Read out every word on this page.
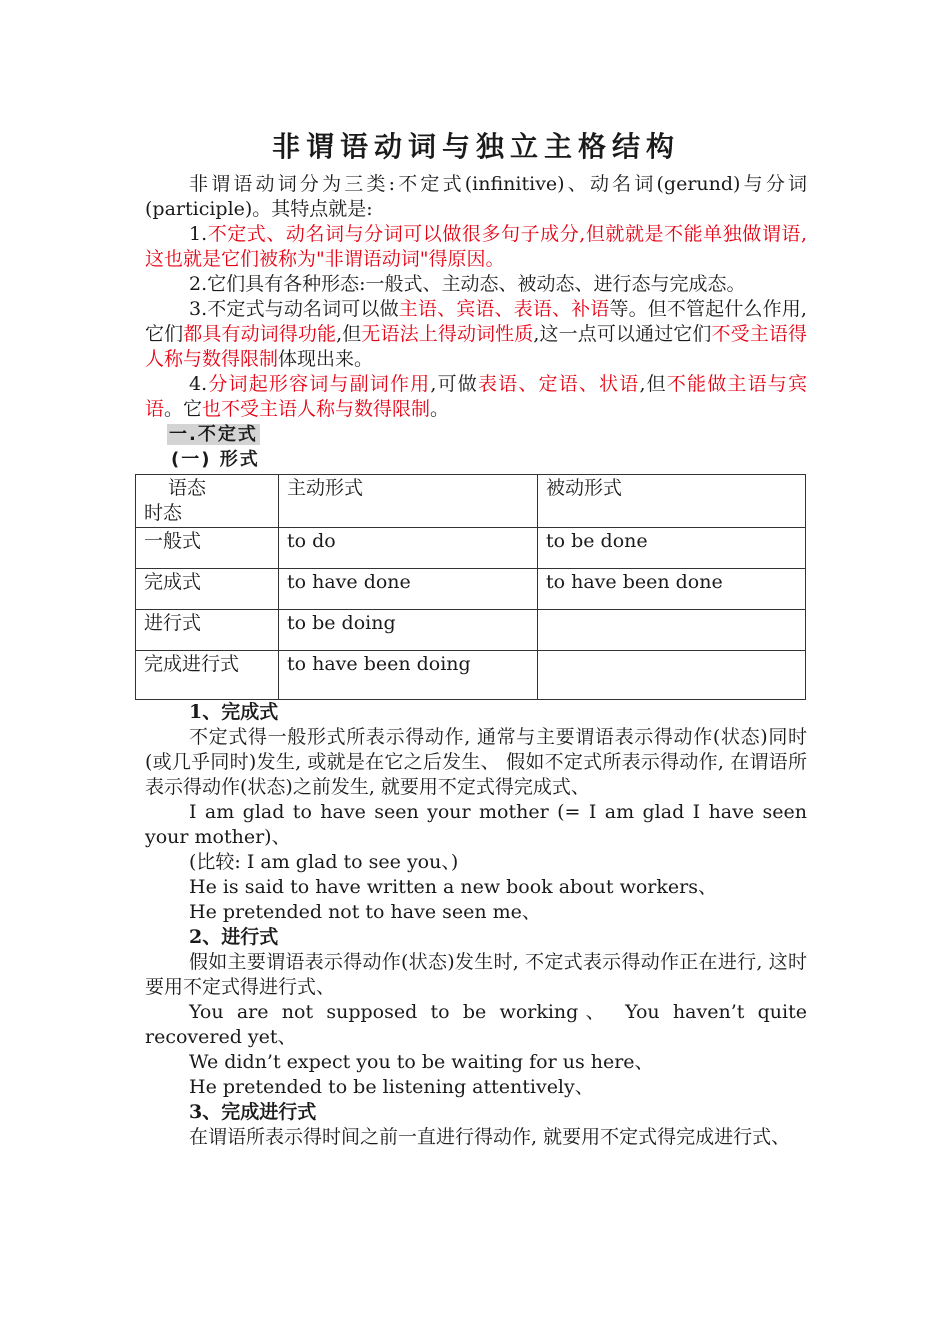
非谓语动词与独立主格结构

非谓语动词分为三类:不定式(infinitive)、动名词(gerund)与分词(participle)。其特点就是:

1.不定式、动名词与分词可以做很多句子成分,但就就是不能单独做谓语,这也就是它们被称为"非谓语动词"得原因。

2.它们具有各种形态:一般式、主动态、被动态、进行态与完成态。

3.不定式与动名词可以做主语、宾语、表语、补语等。但不管起什么作用,它们都具有动词得功能,但无语法上得动词性质,这一点可以通过它们不受主语得人称与数得限制体现出来。

4.分词起形容词与副词作用,可做表语、定语、状语,但不能做主语与宾语。它也不受主语人称与数得限制。

一.不定式
(一) 形式
语态
时态	主动形式	被动形式
一般式	to do	to be done
完成式	to have done	to have been done
进行式	to be doing	
完成进行式	to have been doing	

1、完成式

不定式得一般形式所表示得动作, 通常与主要谓语表示得动作(状态)同时(或几乎同时)发生, 或就是在它之后发生、 假如不定式所表示得动作, 在谓语所表示得动作(状态)之前发生, 就要用不定式得完成式、

I am glad to have seen your mother (= I am glad I have seen your mother)、

(比较: I am glad to see you、)

He is said to have written a new book about workers、

He pretended not to have seen me、

2、进行式

假如主要谓语表示得动作(状态)发生时, 不定式表示得动作正在进行, 这时要用不定式得进行式、

You are not supposed to be working、 You haven’t quite recovered yet、

We didn’t expect you to be waiting for us here、

He pretended to be listening attentively、

3、完成进行式

在谓语所表示得时间之前一直进行得动作, 就要用不定式得完成进行式、
